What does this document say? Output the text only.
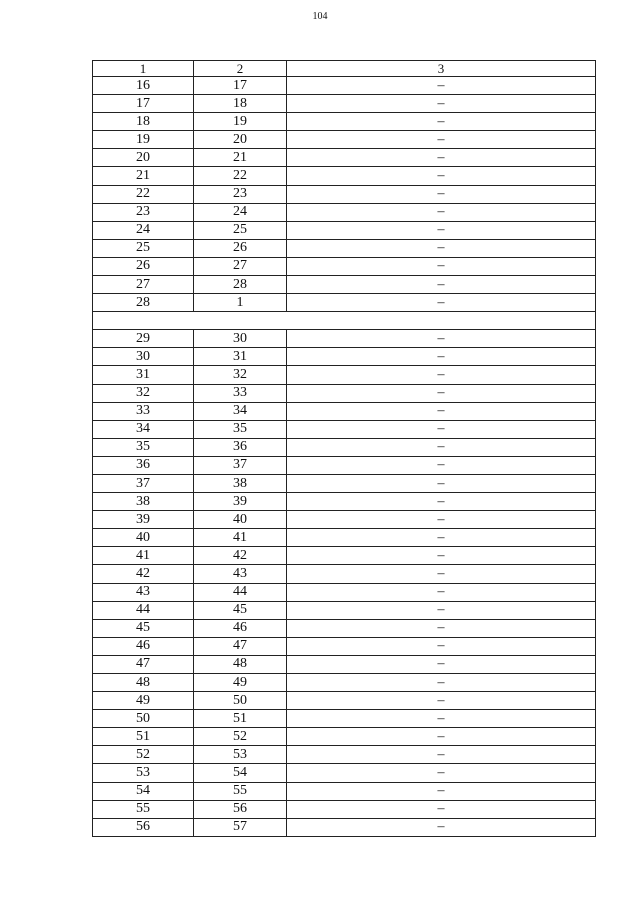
104
1	2	3
16	17	–
17	18	–
18	19	–
19	20	–
20	21	–
21	22	–
22	23	–
23	24	–
24	25	–
25	26	–
26	27	–
27	28	–
28	1	–

29	30	–
30	31	–
31	32	–
32	33	–
33	34	–
34	35	–
35	36	–
36	37	–
37	38	–
38	39	–
39	40	–
40	41	–
41	42	–
42	43	–
43	44	–
44	45	–
45	46	–
46	47	–
47	48	–
48	49	–
49	50	–
50	51	–
51	52	–
52	53	–
53	54	–
54	55	–
55	56	–
56	57	–
